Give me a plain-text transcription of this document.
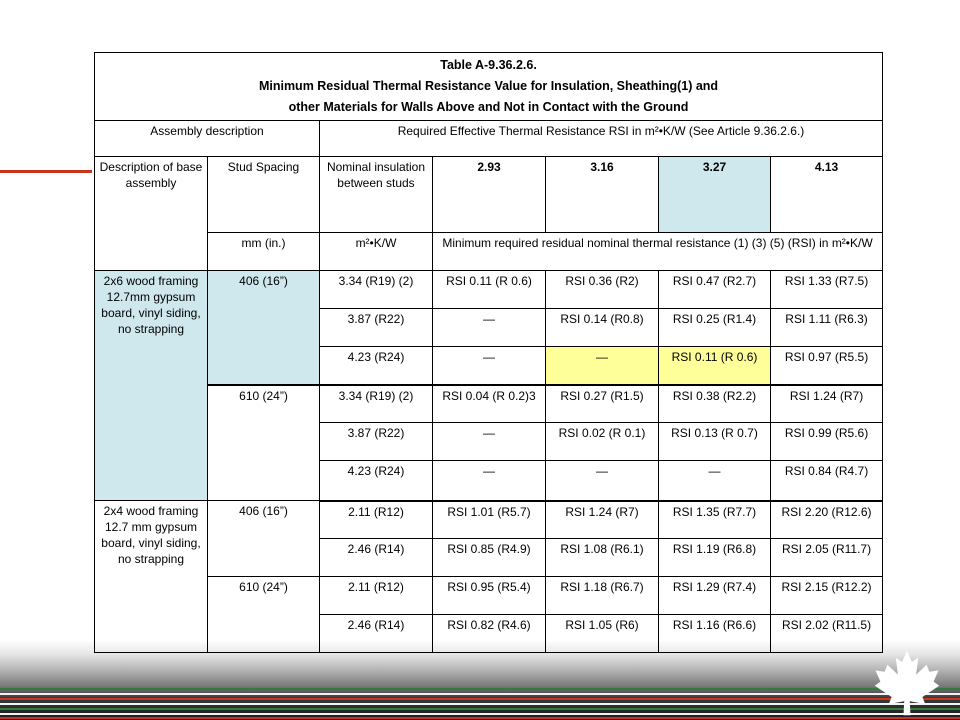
Table A-9.36.2.6.
Minimum Residual Thermal Resistance Value for Insulation, Sheathing(1) and
other Materials for Walls Above and Not in Contact with the Ground						

Assembly description		Required Effective Thermal Resistance RSI in m²•K/W (See Article 9.36.2.6.)				
Description of base assembly	Stud Spacing	Nominal insulation between studs	2.93	3.16	3.27	4.13
	mm (in.)	m²•K/W	Minimum required residual nominal thermal resistance (1) (3) (5) (RSI) in m²•K/W			
2x6 wood framing 12.7mm gypsum board, vinyl siding, no strapping	406 (16”)	3.34 (R19) (2)	RSI 0.11 (R 0.6)	RSI 0.36 (R2)	RSI 0.47 (R2.7)	RSI 1.33 (R7.5)
		3.87 (R22)	—	RSI 0.14 (R0.8)	RSI 0.25 (R1.4)	RSI 1.11 (R6.3)
		4.23 (R24)	—	—	RSI 0.11 (R 0.6)	RSI 0.97 (R5.5)
	610 (24”)	3.34 (R19) (2)	RSI 0.04 (R 0.2)3	RSI 0.27 (R1.5)	RSI 0.38 (R2.2)	RSI 1.24 (R7)
		3.87 (R22)	—	RSI 0.02 (R 0.1)	RSI 0.13 (R 0.7)	RSI 0.99 (R5.6)
		4.23 (R24)	—	—	—	RSI 0.84 (R4.7)
2x4 wood framing 12.7 mm gypsum board, vinyl siding, no strapping	406 (16”)	2.11 (R12)	RSI 1.01 (R5.7)	RSI 1.24 (R7)	RSI 1.35 (R7.7)	RSI 2.20 (R12.6)
		2.46 (R14)	RSI 0.85 (R4.9)	RSI 1.08 (R6.1)	RSI 1.19 (R6.8)	RSI 2.05 (R11.7)
	610 (24”)	2.11 (R12)	RSI 0.95 (R5.4)	RSI 1.18 (R6.7)	RSI 1.29 (R7.4)	RSI 2.15 (R12.2)
		2.46 (R14)	RSI 0.82 (R4.6)	RSI 1.05 (R6)	RSI 1.16 (R6.6)	RSI 2.02 (R11.5)
